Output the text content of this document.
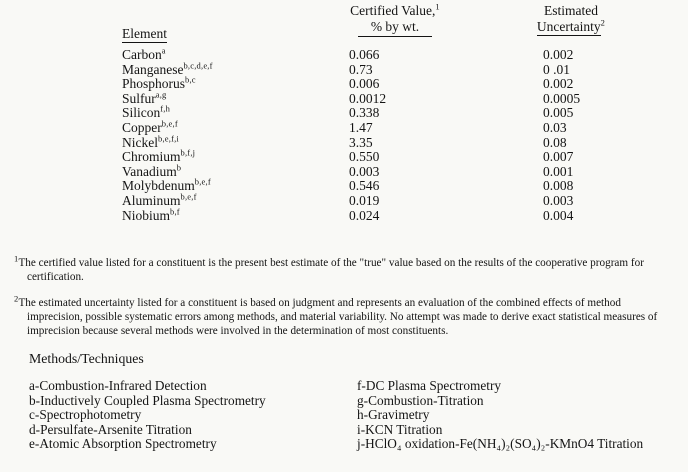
Element
Certified Value,$^1$
% by wt.
Estimated
Uncertainty$^2$
Carbon$^a$	0.066	0.002
Manganese$^{b,c,d,e,f}$	0.73	0 .01
Phosphorus$^{b,c}$	0.006	0.002
Sulfur$^{a,g}$	0.0012	0.0005
Silicon$^{f,h}$	0.338	0.005
Copper$^{b,e,f}$	1.47	0.03
Nickel$^{b,e,f,i}$	3.35	0.08
Chromium$^{b,f,j}$	0.550	0.007
Vanadium$^b$	0.003	0.001
Molybdenum$^{b,e,f}$	0.546	0.008
Aluminum$^{b,e,f}$	0.019	0.003
Niobium$^{b,f}$	0.024	0.004
$^1$The certified value listed for a constituent is the present best estimate of the "true" value based on the results of the cooperative program for certification.
$^2$The estimated uncertainty listed for a constituent is based on judgment and represents an evaluation of the combined effects of method imprecision, possible systematic errors among methods, and material variability. No attempt was made to derive exact statistical measures of imprecision because several methods were involved in the determination of most constituents.
Methods/Techniques
a-Combustion-Infrared Detection
b-Inductively Coupled Plasma Spectrometry
c-Spectrophotometry
d-Persulfate-Arsenite Titration
e-Atomic Absorption Spectrometry
f-DC Plasma Spectrometry
g-Combustion-Titration
h-Gravimetry
i-KCN Titration
j-HClO₄ oxidation-Fe(NH₄)₂(SO₄)₂-KMnO4 Titration
